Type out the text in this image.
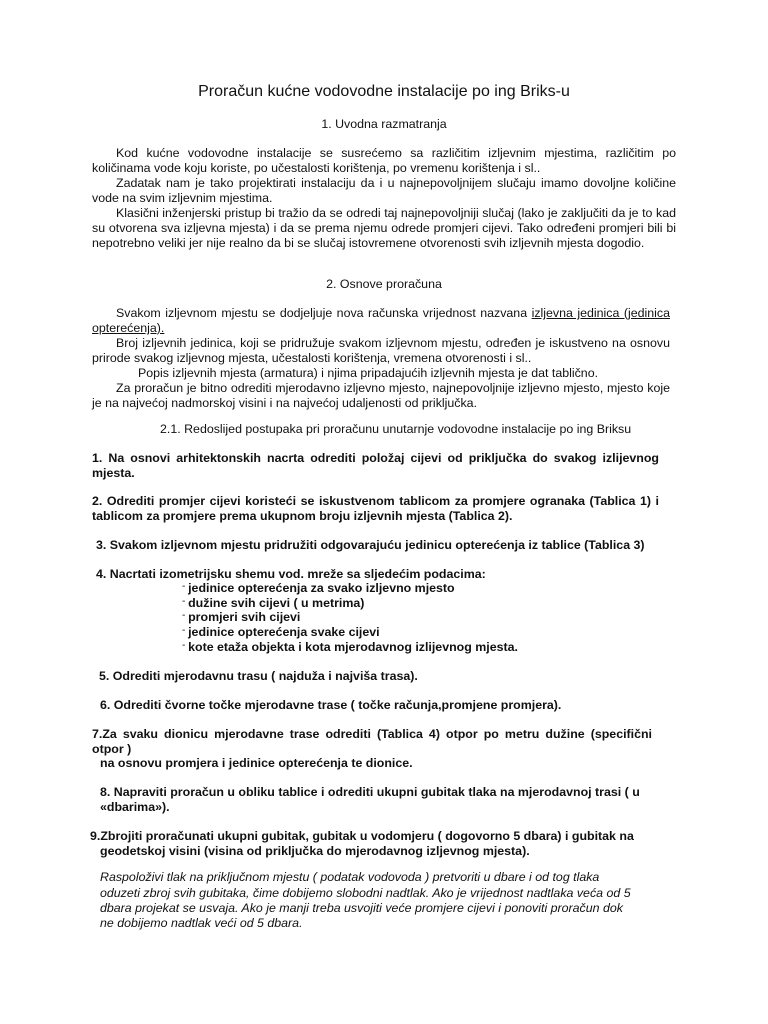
Proračun kućne vodovodne instalacije po ing Briks-u
1. Uvodna razmatranja

Kod kućne vodovodne instalacije se susrećemo sa različitim izljevnim mjestima, različitim po količinama vode koju koriste, po učestalosti korištenja, po vremenu korištenja i sl..

Zadatak nam je tako projektirati instalaciju da i u najnepovoljnijem slučaju imamo dovoljne količine vode na svim izljevnim mjestima.

Klasični inženjerski pristup bi tražio da se odredi taj najnepovoljniji slučaj (lako je zaključiti da je to kad su otvorena sva izljevna mjesta) i da se prema njemu odrede promjeri cijevi. Tako određeni promjeri bili bi nepotrebno veliki jer nije realno da bi se slučaj istovremene otvorenosti svih izljevnih mjesta dogodio.

2. Osnove proračuna

Svakom izljevnom mjestu se dodjeljuje nova računska vrijednost nazvana izljevna jedinica (jedinica opterećenja).

Broj izljevnih jedinica, koji se pridružuje svakom izljevnom mjestu, određen je iskustveno na osnovu prirode svakog izljevnog mjesta, učestalosti korištenja, vremena otvorenosti i sl..

Popis izljevnih mjesta (armatura) i njima pripadajućih izljevnih mjesta je dat tablično.

Za proračun je bitno odrediti mjerodavno izljevno mjesto, najnepovoljnije izljevno mjesto, mjesto koje je na najvećoj nadmorskoj visini i na najvećoj udaljenosti od priključka.

2.1. Redoslijed postupaka pri proračunu unutarnje vodovodne instalacije po ing Briksu
1. Na osnovi arhitektonskih nacrta odrediti položaj cijevi od priključka do svakog izlijevnog mjesta.
2. Odrediti promjer cijevi koristeći se iskustvenom tablicom za promjere ogranaka (Tablica 1) i tablicom za promjere prema ukupnom broju izljevnih mjesta (Tablica 2).
3. Svakom izljevnom mjestu pridružiti odgovarajuću jedinicu opterećenja iz tablice (Tablica 3)
4. Nacrtati izometrijsku shemu vod. mreže sa sljedećim podacima:
- jedinice opterećenja za svako izljevno mjesto
- dužine svih cijevi ( u metrima)
- promjeri svih cijevi
- jedinice opterećenja svake cijevi
- kote etaža objekta i kota mjerodavnog izlijevnog mjesta.
5. Odrediti mjerodavnu trasu ( najduža i najviša trasa).
6. Odrediti čvorne točke mjerodavne trase ( točke računja,promjene promjera).
7.Za svaku dionicu mjerodavne trase odrediti (Tablica 4) otpor po metru dužine (specifični otpor )
na osnovu promjera i jedinice opterećenja te dionice.
8. Napraviti proračun u obliku tablice i odrediti ukupni gubitak tlaka na mjerodavnoj trasi ( u
«dbarima»).
9.Zbrojiti proračunati ukupni gubitak, gubitak u vodomjeru ( dogovorno 5 dbara) i gubitak na
geodetskoj visini (visina od priključka do mjerodavnog izljevnog mjesta).
Raspoloživi tlak na priključnom mjestu ( podatak vodovoda ) pretvoriti u dbare i od tog tlaka
oduzeti zbroj svih gubitaka, čime dobijemo slobodni nadtlak. Ako je vrijednost nadtlaka veća od 5
dbara projekat se usvaja. Ako je manji treba usvojiti veće promjere cijevi i ponoviti proračun dok
ne dobijemo nadtlak veći od 5 dbara.
